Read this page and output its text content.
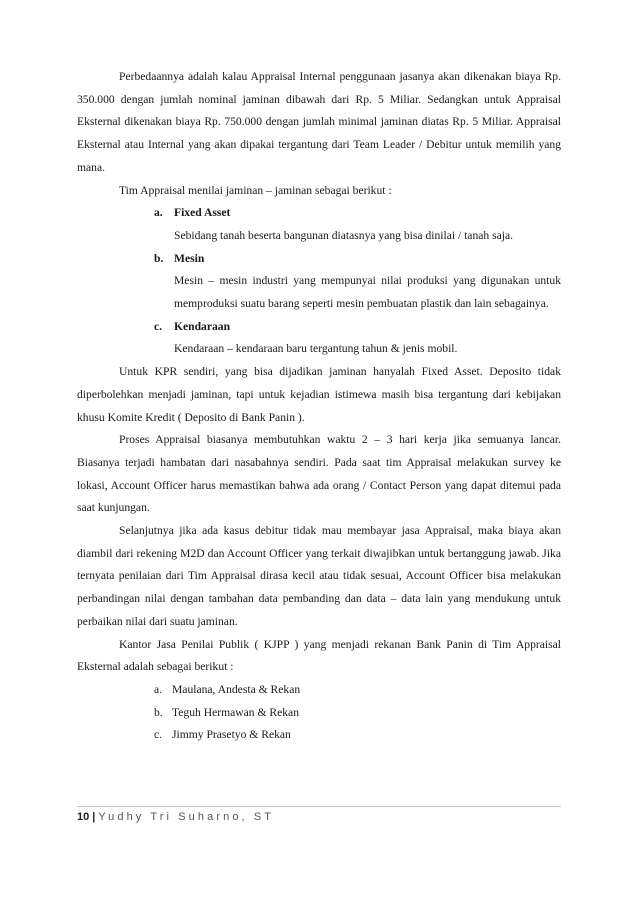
Perbedaannya adalah kalau Appraisal Internal penggunaan jasanya akan dikenakan biaya Rp. 350.000 dengan jumlah nominal jaminan dibawah dari Rp. 5 Miliar. Sedangkan untuk Appraisal Eksternal dikenakan biaya Rp. 750.000 dengan jumlah minimal jaminan diatas Rp. 5 Miliar. Appraisal Eksternal atau Internal yang akan dipakai tergantung dari Team Leader / Debitur untuk memilih yang mana.

Tim Appraisal menilai jaminan – jaminan sebagai berikut :

a. Fixed Asset

Sebidang tanah beserta bangunan diatasnya yang bisa dinilai / tanah saja.

b. Mesin

Mesin – mesin industri yang mempunyai nilai produksi yang digunakan untuk memproduksi suatu barang seperti mesin pembuatan plastik dan lain sebagainya.

c.	Kendaraan

Kendaraan – kendaraan baru tergantung tahun & jenis mobil.

Untuk KPR sendiri, yang bisa dijadikan jaminan hanyalah Fixed Asset. Deposito tidak diperbolehkan menjadi jaminan, tapi untuk kejadian istimewa masih bisa tergantung dari kebijakan khusu Komite Kredit ( Deposito di Bank Panin ).

Proses Appraisal biasanya membutuhkan waktu 2 – 3 hari kerja jika semuanya lancar. Biasanya terjadi hambatan dari nasabahnya sendiri. Pada saat tim Appraisal melakukan survey ke lokasi, Account Officer harus memastikan bahwa ada orang / Contact Person yang dapat ditemui pada saat kunjungan.

Selanjutnya jika ada kasus debitur tidak mau membayar jasa Appraisal, maka biaya akan diambil dari rekening M2D dan Account Officer yang terkait diwajibkan untuk bertanggung jawab. Jika ternyata penilaian dari Tim Appraisal dirasa kecil atau tidak sesuai, Account Officer bisa melakukan perbandingan nilai dengan tambahan data pembanding dan data – data lain yang mendukung untuk perbaikan nilai dari suatu jaminan.

Kantor Jasa Penilai Publik ( KJPP ) yang menjadi rekanan Bank Panin di Tim Appraisal Eksternal adalah sebagai berikut :

a. Maulana, Andesta & Rekan
b. Teguh Hermawan & Rekan
c. Jimmy Prasetyo & Rekan
10 | Yudhy Tri Suharno, ST
